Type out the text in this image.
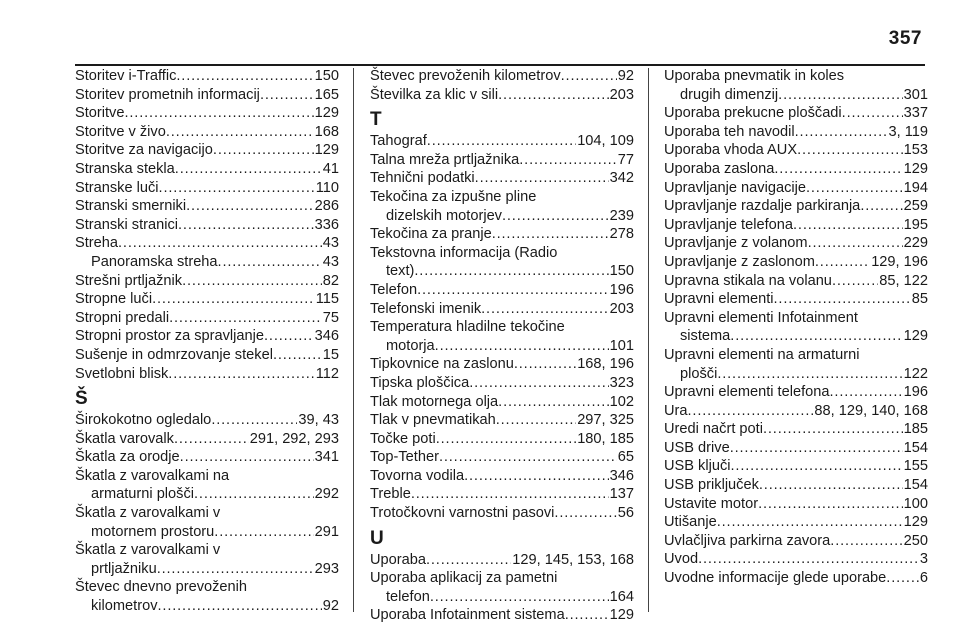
357
Storitev i-Traffic . . .	150
Storitev prometnih informacij . . .	165
Storitve . . .	129
Storitve v živo . . .	168
Storitve za navigacijo . . .	129
Stranska stekla . . .	41
Stranske luči . . .	110
Stranski smerniki . . .	286
Stranski stranici . . .	336
Streha . . .	43
Panoramska streha . . .	43
Strešni prtljažnik . . .	82
Stropne luči . . .	115
Stropni predali . . .	75
Stropni prostor za spravljanje . . .	346
Sušenje in odmrzovanje stekel . . .	15
Svetlobni blisk . . .	112
Š
Širokokotno ogledalo . . .	39, 43
Škatla varovalk . . .	291, 292, 293
Škatla za orodje . . .	341
Škatla z varovalkami na
armaturni plošči . . .	292
Škatla z varovalkami v
motornem prostoru . . .	291
Škatla z varovalkami v
prtljažniku . . .	293
Števec dnevno prevoženih
kilometrov . . .	92
Števec prevoženih kilometrov . . .	92
Številka za klic v sili . . .	203
T
Tahograf . . .	104, 109
Talna mreža prtljažnika . . .	77
Tehnični podatki . . .	342
Tekočina za izpušne pline
dizelskih motorjev . . .	239
Tekočina za pranje . . .	278
Tekstovna informacija (Radio
text) . . .	150
Telefon . . .	196
Telefonski imenik . . .	203
Temperatura hladilne tekočine
motorja . . .	101
Tipkovnice na zaslonu . . .	168, 196
Tipska ploščica . . .	323
Tlak motornega olja . . .	102
Tlak v pnevmatikah . . .	297, 325
Točke poti . . .	180, 185
Top-Tether . . .	65
Tovorna vodila . . .	346
Treble . . .	137
Trotočkovni varnostni pasovi . . .	56
U
Uporaba . . .	129, 145, 153, 168
Uporaba aplikacij za pametni
telefon . . .	164
Uporaba Infotainment sistema . . .	129
Uporaba pnevmatik in koles
drugih dimenzij . . .	301
Uporaba prekucne ploščadi . . .	337
Uporaba teh navodil . . .	3, 119
Uporaba vhoda AUX . . .	153
Uporaba zaslona . . .	129
Upravljanje navigacije . . .	194
Upravljanje razdalje parkiranja . . .	259
Upravljanje telefona . . .	195
Upravljanje z volanom . . .	229
Upravljanje z zaslonom . . .	129, 196
Upravna stikala na volanu . . .	85, 122
Upravni elementi . . .	85
Upravni elementi Infotainment
sistema . . .	129
Upravni elementi na armaturni
plošči . . .	122
Upravni elementi telefona . . .	196
Ura . . .	88, 129, 140, 168
Uredi načrt poti . . .	185
USB drive . . .	154
USB ključi . . .	155
USB priključek . . .	154
Ustavite motor . . .	100
Utišanje . . .	129
Uvlačljiva parkirna zavora . . .	250
Uvod . . .	3
Uvodne informacije glede uporabe . . . 6
